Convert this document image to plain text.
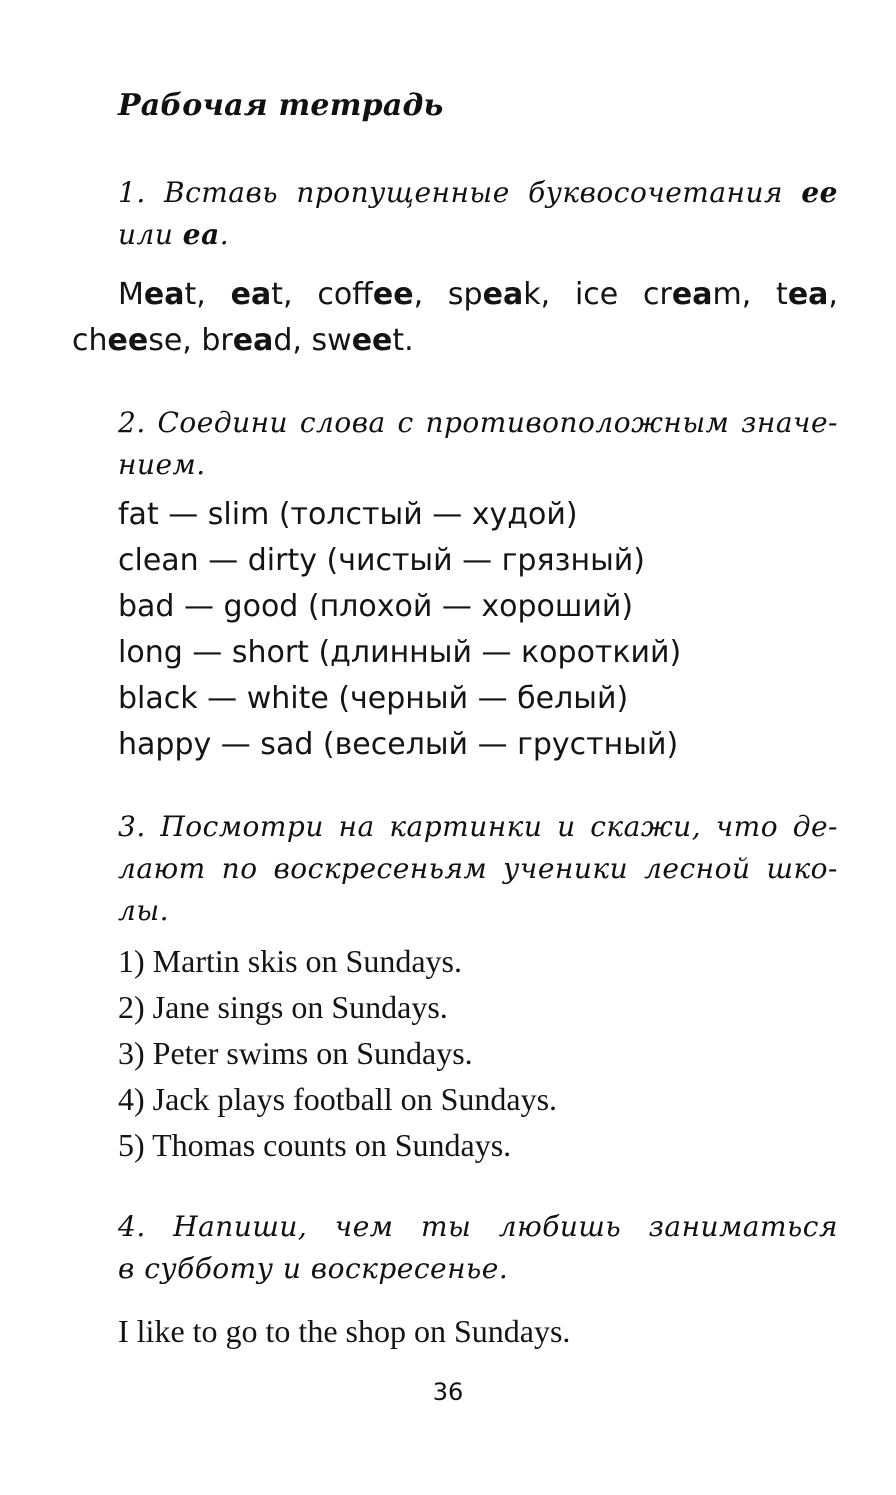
Рабочая тетрадь
1. Вставь пропущенные буквосочетания ee
или ea.

Meat, eat, coffee, speak, ice cream, tea,
cheese, bread, sweet.

2. Соедини слова с противоположным значе-
нием.
fat — slim (толстый — худой)
clean — dirty (чистый — грязный)
bad — good (плохой — хороший)
long — short (длинный — короткий)
black — white (черный — белый)
happy — sad (веселый — грустный)
3. Посмотри на картинки и скажи, что де-
лают по воскресеньям ученики лесной шко-
лы.
1) Martin skis on Sundays.
2) Jane sings on Sundays.
3) Peter swims on Sundays.
4) Jack plays football on Sundays.
5) Thomas counts on Sundays.
4. Напиши, чем ты любишь заниматься
в субботу и воскресенье.

I like to go to the shop on Sundays.

36
